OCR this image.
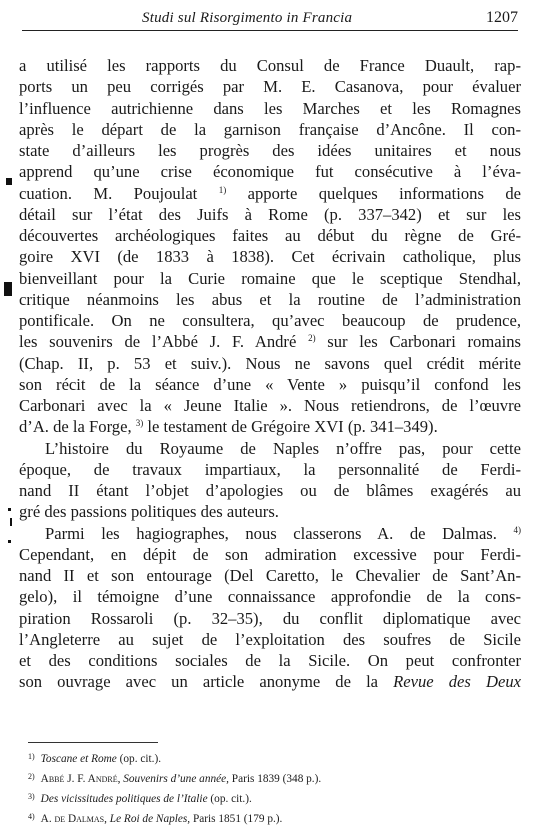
Studi sul Risorgimento in Francia	1207

a utilisé les rapports du Consul de France Duault, rap-

ports un peu corrigés par M. E. Casanova, pour évaluer

l’influence autrichienne dans les Marches et les Romagnes

après le départ de la garnison française d’Ancône. Il con-

state d’ailleurs les progrès des idées unitaires et nous

apprend qu’une crise économique fut consécutive à l’éva-

cuation. M. Poujoulat $^{1)}$ apporte quelques informations de

détail sur l’état des Juifs à Rome (p. 337–342) et sur les

découvertes archéologiques faites au début du règne de Gré-

goire XVI (de 1833 à 1838). Cet écrivain catholique, plus

bienveillant pour la Curie romaine que le sceptique Stendhal,

critique néanmoins les abus et la routine de l’administration

pontificale. On ne consultera, qu’avec beaucoup de prudence,

les souvenirs de l’Abbé J. F. André $^{2)}$ sur les Carbonari romains

(Chap. II, p. 53 et suiv.). Nous ne savons quel crédit mérite

son récit de la séance d’une « Vente » puisqu’il confond les

Carbonari avec la « Jeune Italie ». Nous retiendrons, de l’œuvre

d’A. de la Forge, $^{3)}$ le testament de Grégoire XVI (p. 341–349).

L’histoire du Royaume de Naples n’offre pas, pour cette

époque, de travaux impartiaux, la personnalité de Ferdi-

nand II étant l’objet d’apologies ou de blâmes exagérés au

gré des passions politiques des auteurs.

Parmi les hagiographes, nous classerons A. de Dalmas. $^{4)}$

Cependant, en dépit de son admiration excessive pour Ferdi-

nand II et son entourage (Del Caretto, le Chevalier de Sant’An-

gelo), il témoigne d’une connaissance approfondie de la cons-

piration Rossaroli (p. 32–35), du conflit diplomatique avec

l’Angleterre au sujet de l’exploitation des soufres de Sicile

et des conditions sociales de la Sicile. On peut confronter

son ouvrage avec un article anonyme de la Revue des Deux

$^{1)}$ Toscane et Rome (op. cit.).
$^{2)}$ Abbé J. F. André, Souvenirs d’une année, Paris 1839 (348 p.).
$^{3)}$ Des vicissitudes politiques de l’Italie (op. cit.).
$^{4)}$ A. de Dalmas, Le Roi de Naples, Paris 1851 (179 p.).
